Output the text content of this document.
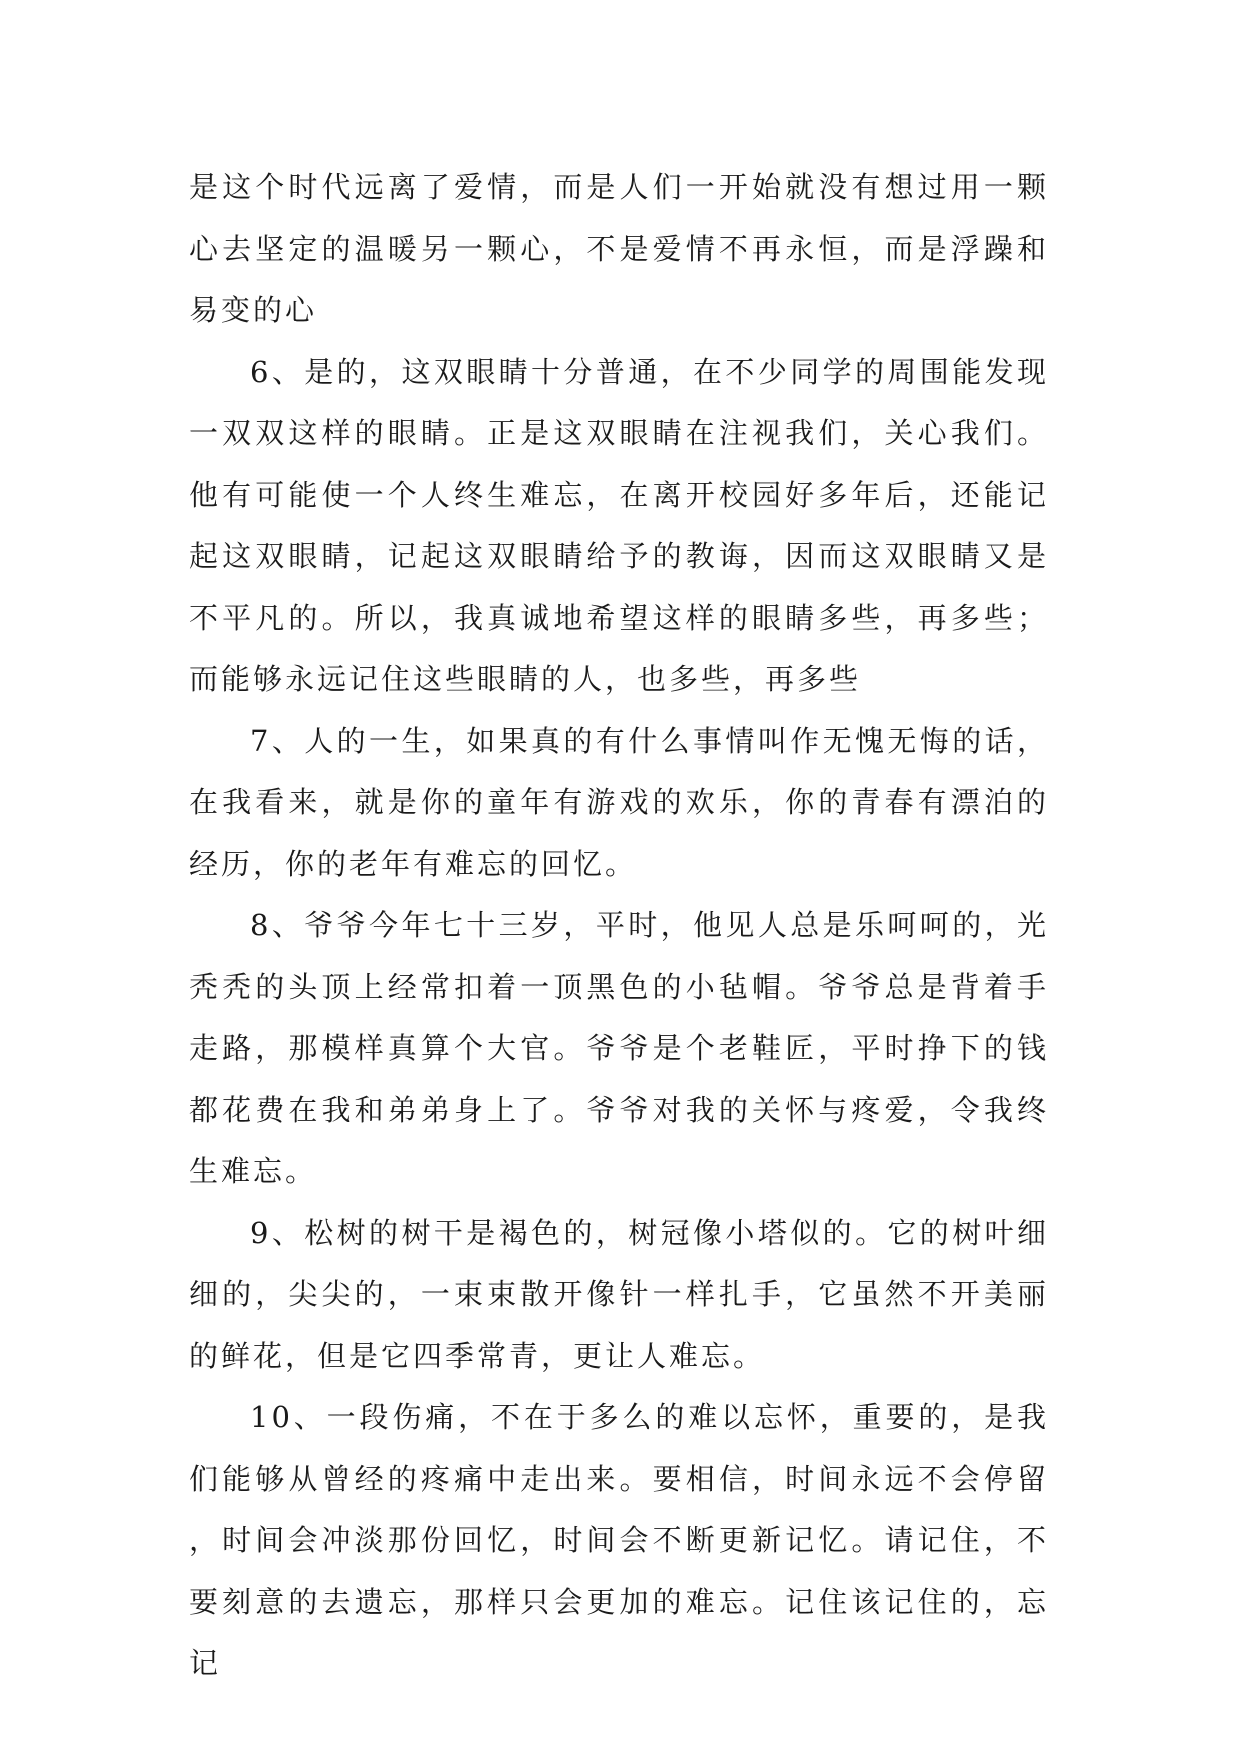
是这个时代远离了爱情，而是人们一开始就没有想过用一颗心去坚定的温暖另一颗心，不是爱情不再永恒，而是浮躁和易变的心

6、是的，这双眼睛十分普通，在不少同学的周围能发现一双双这样的眼睛。正是这双眼睛在注视我们，关心我们。他有可能使一个人终生难忘，在离开校园好多年后，还能记起这双眼睛，记起这双眼睛给予的教诲，因而这双眼睛又是不平凡的。所以，我真诚地希望这样的眼睛多些，再多些；而能够永远记住这些眼睛的人，也多些，再多些

7、人的一生，如果真的有什么事情叫作无愧无悔的话，在我看来，就是你的童年有游戏的欢乐，你的青春有漂泊的经历，你的老年有难忘的回忆。

8、爷爷今年七十三岁，平时，他见人总是乐呵呵的，光秃秃的头顶上经常扣着一顶黑色的小毡帽。爷爷总是背着手走路，那模样真算个大官。爷爷是个老鞋匠，平时挣下的钱都花费在我和弟弟身上了。爷爷对我的关怀与疼爱，令我终生难忘。

9、松树的树干是褐色的，树冠像小塔似的。它的树叶细细的，尖尖的，一束束散开像针一样扎手，它虽然不开美丽的鲜花，但是它四季常青，更让人难忘。

10、一段伤痛，不在于多么的难以忘怀，重要的，是我们能够从曾经的疼痛中走出来。要相信，时间永远不会停留，时间会冲淡那份回忆，时间会不断更新记忆。请记住，不要刻意的去遗忘，那样只会更加的难忘。记住该记住的，忘记
